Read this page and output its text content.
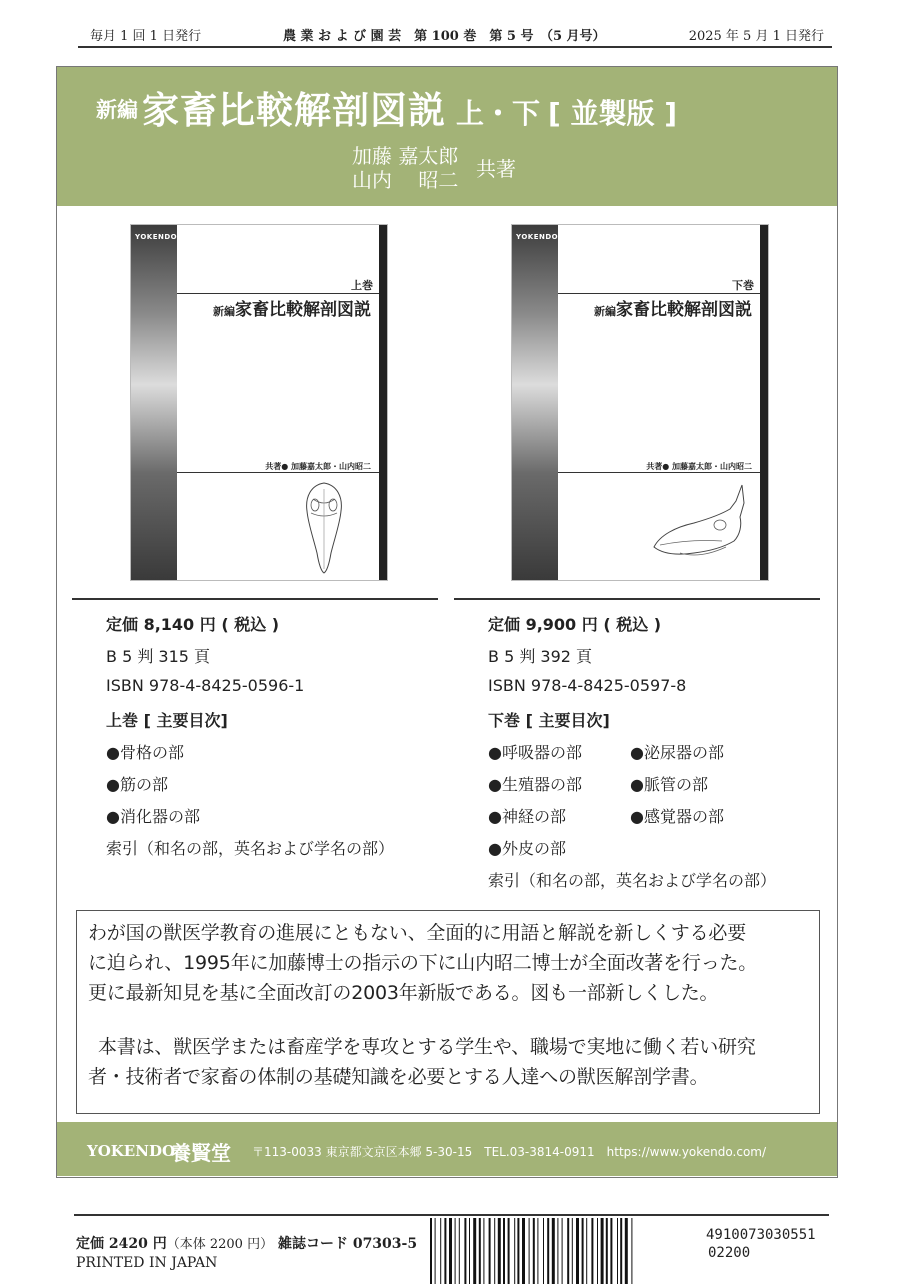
毎月 1 回 1 日発行	農 業 お よ び 園 芸　第 100 巻　第 5 号　（5 月号）	2025 年 5 月 1 日発行
新編 家畜比較解剖図説 上・下 [ 並製版 ]
加藤 嘉太郎
山内　 昭二 共著
YOKENDO
上巻
新編家畜比較解剖図説
共著● 加藤嘉太郎・山内昭二
YOKENDO
下巻
新編家畜比較解剖図説
共著● 加藤嘉太郎・山内昭二
定価 8,140 円 ( 税込 )
B 5 判 315 頁
ISBN 978-4-8425-0596-1
上巻 [ 主要目次]
●骨格の部
●筋の部
●消化器の部
索引（和名の部，英名および学名の部）
定価 9,900 円 ( 税込 )
B 5 判 392 頁
ISBN 978-4-8425-0597-8
下巻 [ 主要目次]
●呼吸器の部	●泌尿器の部
●生殖器の部	●脈管の部
●神経の部	●感覚器の部
●外皮の部
索引（和名の部，英名および学名の部）
わが国の獣医学教育の進展にともない、全面的に用語と解説を新しくする必要
に迫られ、1995年に加藤博士の指示の下に山内昭二博士が全面改著を行った。
更に最新知見を基に全面改訂の2003年新版である。図も一部新しくした。
本書は、獣医学または畜産学を専攻とする学生や、職場で実地に働く若い研究
者・技術者で家畜の体制の基礎知識を必要とする人達への獣医解剖学書。
YOKENDO
養賢堂 〒113-0033 東京都文京区本郷 5-30-15　TEL.03-3814-0911　https://www.yokendo.com/
定価 2420 円（本体 2200 円） 雑誌コード 07303-5
PRINTED IN JAPAN
4910073030551
02200
